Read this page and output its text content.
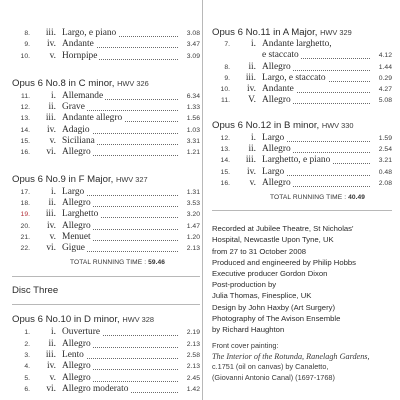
8.	iii. Largo, e piano	3.08
9.	iv. Andante	3.47
10.	v. Hornpipe	3.09

Opus 6 No.8 in C minor, HWV 326

11.	i. Allemande	6.34
12.	ii. Grave	1.33
13.	iii. Andante allegro	1.56
14.	iv. Adagio	1.03
15.	v. Siciliana	3.31
16.	vi. Allegro	1.21

Opus 6 No.9 in F Major, HWV 327

17.	i. Largo	1.31
18.	ii. Allegro	3.53
19.	iii. Larghetto	3.20
20.	iv. Allegro	1.47
21.	v. Menuet	1.20
22.	vi. Gigue	2.13
TOTAL RUNNING TIME : 59.46

Disc Three

Opus 6 No.10 in D minor, HWV 328

1.	i. Ouverture	2.19
2.	ii. Allegro	2.13
3.	iii. Lento	2.58
4.	iv. Allegro	2.13
5.	v. Allegro	2.45
6.	vi. Allegro moderato	1.42

Opus 6 No.11 in A Major, HWV 329

7.	i. Andante larghetto,
e staccato	4.12
8.	ii. Allegro	1.44
9.	iii. Largo, e staccato	0.29
10.	iv. Andante	4.27
11.	V. Allegro	5.08

Opus 6 No.12 in B minor, HWV 330

12.	i. Largo	1.59
13.	ii. Allegro	2.54
14.	iii. Larghetto, e piano	3.21
15.	iv. Largo	0.48
16.	v. Allegro	2.08
TOTAL RUNNING TIME : 40.49

Recorded at Jubilee Theatre, St Nicholas'

Hospital, Newcastle Upon Tyne, UK

from 27 to 31 October 2008

Produced and engineered by Philip Hobbs

Executive producer Gordon Dixon

Post-production by

Julia Thomas, Finesplice, UK

Design by John Haxby (Art Surgery)

Photography of The Avison Ensemble

by Richard Haughton

Front cover painting:

The Interior of the Rotunda, Ranelagh Gardens,

c.1751 (oil on canvas) by Canaletto,

(Giovanni Antonio Canal) (1697-1768)
